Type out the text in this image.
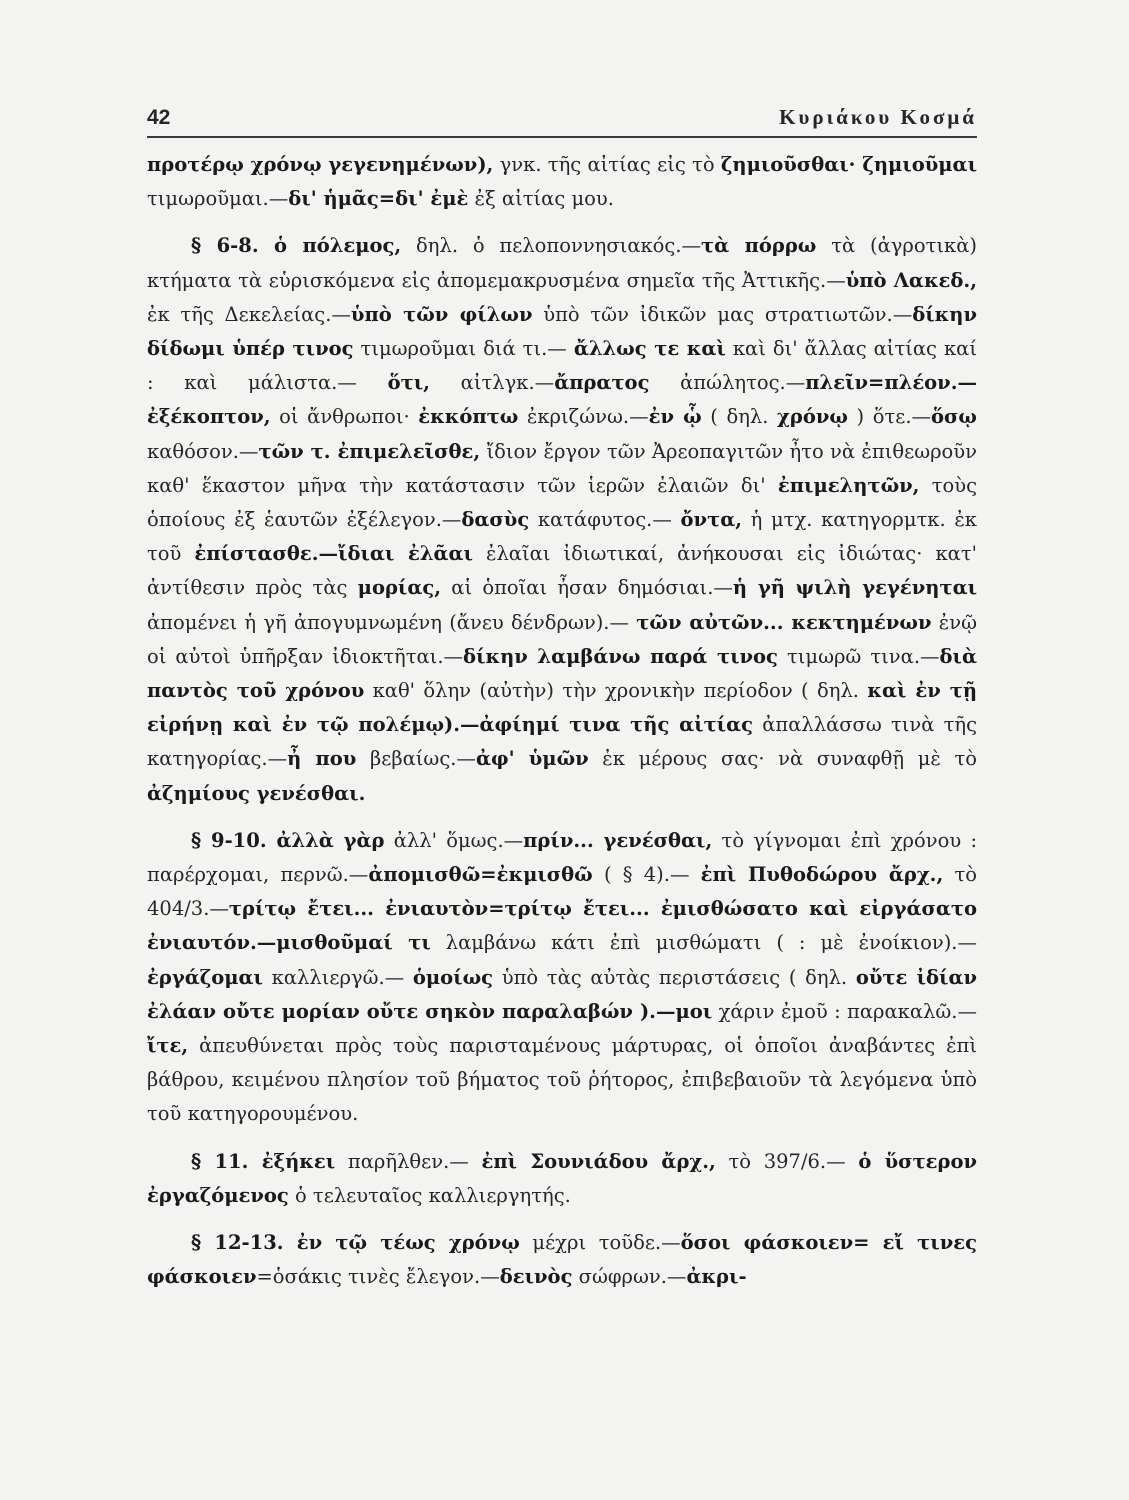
42	Κυριάκου Κοσμά

προτέρῳ χρόνῳ γεγενημένων), γνκ. τῆς αἰτίας εἰς τὸ ζημιοῦσθαι· ζημιοῦμαι τιμωροῦμαι.—δι' ἡμᾶς=δι' ἐμὲ ἐξ αἰτίας μου.

§ 6-8. ὁ πόλεμος, δηλ. ὁ πελοποννησιακός.—τὰ πόρρω τὰ (ἀγροτικὰ) κτήματα τὰ εὑρισκόμενα εἰς ἀπομεμακρυσμένα σημεῖα τῆς Ἀττικῆς.—ὑπὸ Λακεδ., ἐκ τῆς Δεκελείας.—ὑπὸ τῶν φίλων ὑπὸ τῶν ἰδικῶν μας στρατιωτῶν.—δίκην δίδωμι ὑπέρ τινος τιμωροῦμαι διά τι.— ἄλλως τε καὶ καὶ δι' ἄλλας αἰτίας καί : καὶ μάλιστα.— ὅτι, αἰτλγκ.—ἄπρατος ἀπώλητος.—πλεῖν=πλέον.—ἐξέκοπτον, οἱ ἄνθρωποι· ἐκκόπτω ἐκριζώνω.—ἐν ᾧ ( δηλ. χρόνῳ ) ὅτε.—ὅσῳ καθόσον.—τῶν τ. ἐπιμελεῖσθε, ἴδιον ἔργον τῶν Ἀρεοπαγιτῶν ἦτο νὰ ἐπιθεωροῦν καθ' ἕκαστον μῆνα τὴν κατάστασιν τῶν ἱερῶν ἐλαιῶν δι' ἐπιμελητῶν, τοὺς ὁποίους ἐξ ἑαυτῶν ἐξέλεγον.—δασὺς κατάφυτος.— ὄντα, ἡ μτχ. κατηγορμτκ. ἐκ τοῦ ἐπίστασθε.—ἴδιαι ἐλᾶαι ἐλαῖαι ἰδιωτικαί, ἀνήκουσαι εἰς ἰδιώτας· κατ' ἀντίθεσιν πρὸς τὰς μορίας, αἱ ὁποῖαι ἦσαν δημόσιαι.—ἡ γῆ ψιλὴ γεγένηται ἀπομένει ἡ γῆ ἀπογυμνωμένη (ἄνευ δένδρων).— τῶν αὐτῶν... κεκτημένων ἐνῷ οἱ αὐτοὶ ὑπῆρξαν ἰδιοκτῆται.—δίκην λαμβάνω παρά τινος τιμωρῶ τινα.—διὰ παντὸς τοῦ χρόνου καθ' ὅλην (αὐτὴν) τὴν χρονικὴν περίοδον ( δηλ. καὶ ἐν τῇ εἰρήνῃ καὶ ἐν τῷ πολέμῳ).—ἀφίημί τινα τῆς αἰτίας ἀπαλλάσσω τινὰ τῆς κατηγορίας.—ἦ που βεβαίως.—ἀφ' ὑμῶν ἐκ μέρους σας· νὰ συναφθῇ μὲ τὸ ἀζημίους γενέσθαι.

§ 9-10. ἀλλὰ γὰρ ἀλλ' ὅμως.—πρίν... γενέσθαι, τὸ γίγνομαι ἐπὶ χρόνου : παρέρχομαι, περνῶ.—ἀπομισθῶ=ἐκμισθῶ ( § 4).— ἐπὶ Πυθοδώρου ἄρχ., τὸ 404/3.—τρίτῳ ἔτει... ἐνιαυτὸν=τρίτῳ ἔτει... ἐμισθώσατο καὶ εἰργάσατο ἐνιαυτόν.—μισθοῦμαί τι λαμβάνω κάτι ἐπὶ μισθώματι ( : μὲ ἐνοίκιον).—ἐργάζομαι καλλιεργῶ.— ὁμοίως ὑπὸ τὰς αὐτὰς περιστάσεις ( δηλ. οὔτε ἰδίαν ἐλάαν οὔτε μορίαν οὔτε σηκὸν παραλαβών ).—μοι χάριν ἐμοῦ : παρακαλῶ.— ἴτε, ἀπευθύνεται πρὸς τοὺς παρισταμένους μάρτυρας, οἱ ὁποῖοι ἀναβάντες ἐπὶ βάθρου, κειμένου πλησίον τοῦ βήματος τοῦ ῥήτορος, ἐπιβεβαιοῦν τὰ λεγόμενα ὑπὸ τοῦ κατηγορουμένου.

§ 11. ἐξήκει παρῆλθεν.— ἐπὶ Σουνιάδου ἄρχ., τὸ 397/6.— ὁ ὕστερον ἐργαζόμενος ὁ τελευταῖος καλλιεργητής.

§ 12-13. ἐν τῷ τέως χρόνῳ μέχρι τοῦδε.—ὅσοι φάσκοιεν= εἴ τινες φάσκοιεν=ὁσάκις τινὲς ἔλεγον.—δεινὸς σώφρων.—ἀκρι-
